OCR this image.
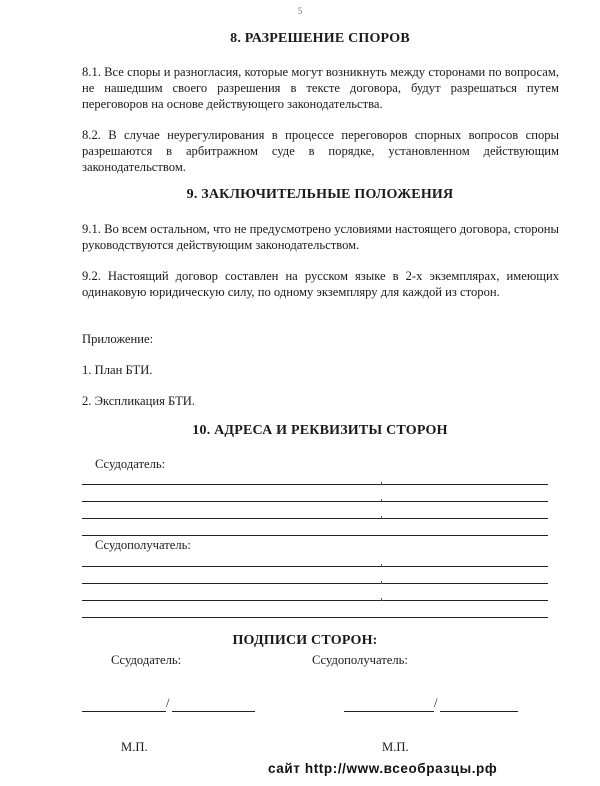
5
8. РАЗРЕШЕНИЕ СПОРОВ
8.1. Все споры и разногласия, которые могут возникнуть между сторонами по вопросам, не нашедшим своего разрешения в тексте договора, будут разрешаться путем переговоров на основе действующего законодательства.
8.2. В случае неурегулирования в процессе переговоров спорных вопросов споры разрешаются в арбитражном суде в порядке, установленном действующим законодательством.
9. ЗАКЛЮЧИТЕЛЬНЫЕ ПОЛОЖЕНИЯ
9.1. Во всем остальном, что не предусмотрено условиями настоящего договора, стороны руководствуются действующим законодательством.
9.2. Настоящий договор составлен на русском языке в 2-х экземплярах, имеющих одинаковую юридическую силу, по одному экземпляру для каждой из сторон.
Приложение:
1. План БТИ.
2. Экспликация БТИ.
10. АДРЕСА И РЕКВИЗИТЫ СТОРОН
Ссудодатель:
Ссудополучатель:
ПОДПИСИ СТОРОН:
Ссудодатель:	Ссудополучатель:
/	/
М.П.	М.П.
сайт http://www.всеобразцы.рф
